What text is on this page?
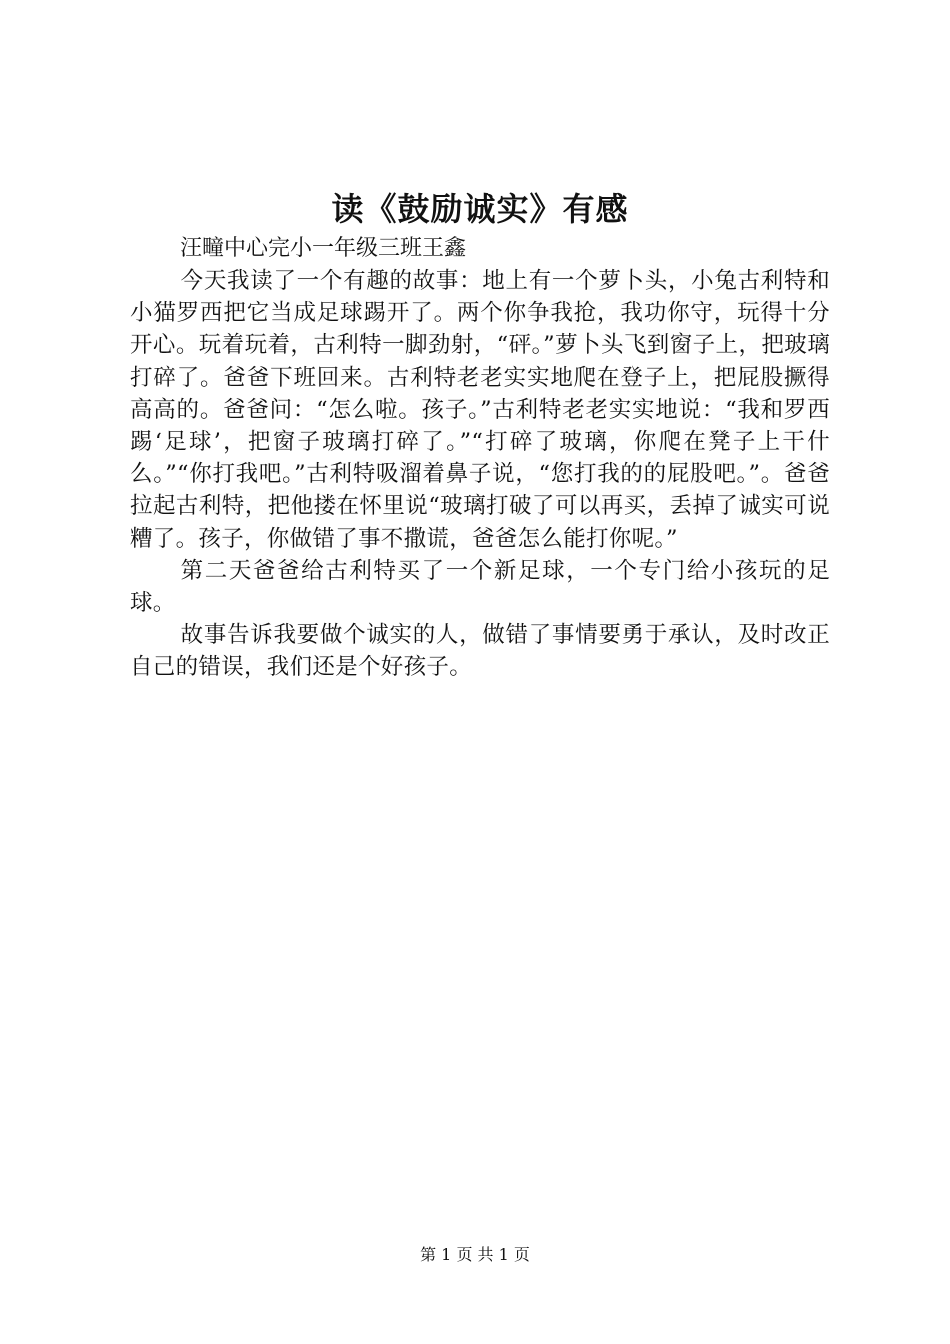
读《鼓励诚实》有感

汪疃中心完小一年级三班王鑫

今天我读了一个有趣的故事：地上有一个萝卜头，小兔古利特和小猫罗西把它当成足球踢开了。两个你争我抢，我功你守，玩得十分开心。玩着玩着，古利特一脚劲射，“砰。”萝卜头飞到窗子上，把玻璃打碎了。爸爸下班回来。古利特老老实实地爬在登子上，把屁股撅得高高的。爸爸问：“怎么啦。孩子。”古利特老老实实地说：“我和罗西踢‘足球’，把窗子玻璃打碎了。”“打碎了玻璃，你爬在凳子上干什么。”“你打我吧。”古利特吸溜着鼻子说，“您打我的的屁股吧。”。爸爸拉起古利特，把他搂在怀里说“玻璃打破了可以再买，丢掉了诚实可说糟了。孩子，你做错了事不撒谎，爸爸怎么能打你呢。”

第二天爸爸给古利特买了一个新足球，一个专门给小孩玩的足球。

故事告诉我要做个诚实的人，做错了事情要勇于承认，及时改正自己的错误，我们还是个好孩子。

第 1 页 共 1 页
